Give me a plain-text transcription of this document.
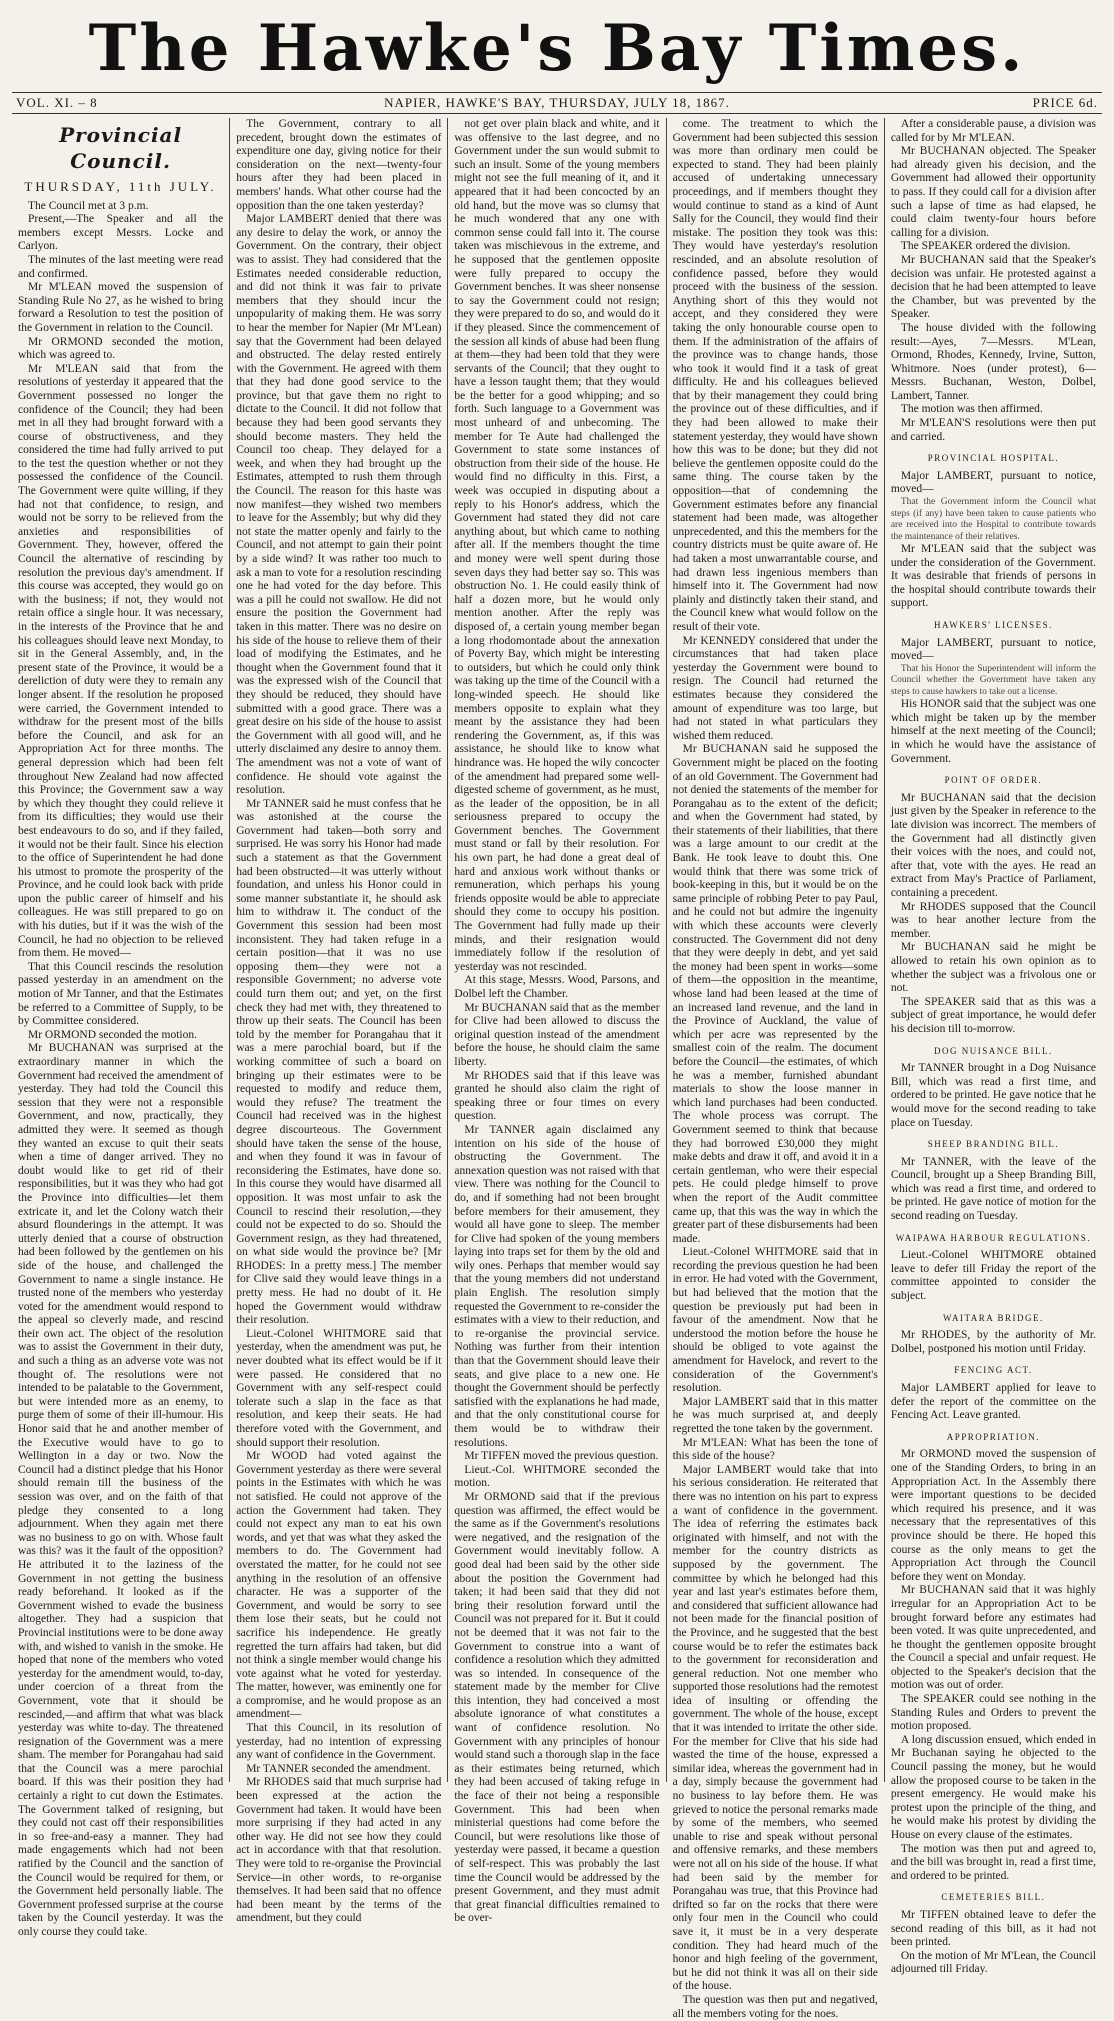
The Hawke's Bay Times.
VOL. XI. – 8	NAPIER, HAWKE'S BAY, THURSDAY, JULY 18, 1867.	PRICE 6d.
Provincial Council.
THURSDAY, 11th JULY.

The Council met at 3 p.m.

Present,—The Speaker and all the members except Messrs. Locke and Carlyon.

The minutes of the last meeting were read and confirmed.

Mr M'LEAN moved the suspension of Standing Rule No 27, as he wished to bring forward a Resolution to test the position of the Government in relation to the Council.

Mr ORMOND seconded the motion, which was agreed to.

Mr M'LEAN said that from the resolutions of yesterday it appeared that the Government possessed no longer the confidence of the Council; they had been met in all they had brought forward with a course of obstructiveness, and they considered the time had fully arrived to put to the test the question whether or not they possessed the confidence of the Council. The Government were quite willing, if they had not that confidence, to resign, and would not be sorry to be relieved from the anxieties and responsibilities of Government. They, however, offered the Council the alternative of rescinding by resolution the previous day's amendment. If this course was accepted, they would go on with the business; if not, they would not retain office a single hour. It was necessary, in the interests of the Province that he and his colleagues should leave next Monday, to sit in the General Assembly, and, in the present state of the Province, it would be a dereliction of duty were they to remain any longer absent. If the resolution he proposed were carried, the Government intended to withdraw for the present most of the bills before the Council, and ask for an Appropriation Act for three months. The general depression which had been felt throughout New Zealand had now affected this Province; the Government saw a way by which they thought they could relieve it from its difficulties; they would use their best endeavours to do so, and if they failed, it would not be their fault. Since his election to the office of Superintendent he had done his utmost to promote the prosperity of the Province, and he could look back with pride upon the public career of himself and his colleagues. He was still prepared to go on with his duties, but if it was the wish of the Council, he had no objection to be relieved from them. He moved—

That this Council rescinds the resolution passed yesterday in an amendment on the motion of Mr Tanner, and that the Estimates be referred to a Committee of Supply, to be by Committee considered.

Mr ORMOND seconded the motion.

Mr BUCHANAN was surprised at the extraordinary manner in which the Government had received the amendment of yesterday. They had told the Council this session that they were not a responsible Government, and now, practically, they admitted they were. It seemed as though they wanted an excuse to quit their seats when a time of danger arrived. They no doubt would like to get rid of their responsibilities, but it was they who had got the Province into difficulties—let them extricate it, and let the Colony watch their absurd flounderings in the attempt. It was utterly denied that a course of obstruction had been followed by the gentlemen on his side of the house, and challenged the Government to name a single instance. He trusted none of the members who yesterday voted for the amendment would respond to the appeal so cleverly made, and rescind their own act. The object of the resolution was to assist the Government in their duty, and such a thing as an adverse vote was not thought of. The resolutions were not intended to be palatable to the Government, but were intended more as an enemy, to purge them of some of their ill-humour. His Honor said that he and another member of the Executive would have to go to Wellington in a day or two. Now the Council had a distinct pledge that his Honor should remain till the business of the session was over, and on the faith of that pledge they consented to a long adjournment. When they again met there was no business to go on with. Whose fault was this? was it the fault of the opposition? He attributed it to the laziness of the Government in not getting the business ready beforehand. It looked as if the Government wished to evade the business altogether. They had a suspicion that Provincial institutions were to be done away with, and wished to vanish in the smoke. He hoped that none of the members who voted yesterday for the amendment would, to-day, under coercion of a threat from the Government, vote that it should be rescinded,—and affirm that what was black yesterday was white to-day. The threatened resignation of the Government was a mere sham. The member for Porangahau had said that the Council was a mere parochial board. If this was their position they had certainly a right to cut down the Estimates. The Government talked of resigning, but they could not cast off their responsibilities in so free-and-easy a manner. They had made engagements which had not been ratified by the Council and the sanction of the Council would be required for them, or the Government held personally liable. The Government professed surprise at the course taken by the Council yesterday. It was the only course they could take.

The Government, contrary to all precedent, brought down the estimates of expenditure one day, giving notice for their consideration on the next—twenty-four hours after they had been placed in members' hands. What other course had the opposition than the one taken yesterday?

Major LAMBERT denied that there was any desire to delay the work, or annoy the Government. On the contrary, their object was to assist. They had considered that the Estimates needed considerable reduction, and did not think it was fair to private members that they should incur the unpopularity of making them. He was sorry to hear the member for Napier (Mr M'Lean) say that the Government had been delayed and obstructed. The delay rested entirely with the Government. He agreed with them that they had done good service to the province, but that gave them no right to dictate to the Council. It did not follow that because they had been good servants they should become masters. They held the Council too cheap. They delayed for a week, and when they had brought up the Estimates, attempted to rush them through the Council. The reason for this haste was now manifest—they wished two members to leave for the Assembly; but why did they not state the matter openly and fairly to the Council, and not attempt to gain their point by a side wind? It was rather too much to ask a man to vote for a resolution rescinding one he had voted for the day before. This was a pill he could not swallow. He did not ensure the position the Government had taken in this matter. There was no desire on his side of the house to relieve them of their load of modifying the Estimates, and he thought when the Government found that it was the expressed wish of the Council that they should be reduced, they should have submitted with a good grace. There was a great desire on his side of the house to assist the Government with all good will, and he utterly disclaimed any desire to annoy them. The amendment was not a vote of want of confidence. He should vote against the resolution.

Mr TANNER said he must confess that he was astonished at the course the Government had taken—both sorry and surprised. He was sorry his Honor had made such a statement as that the Government had been obstructed—it was utterly without foundation, and unless his Honor could in some manner substantiate it, he should ask him to withdraw it. The conduct of the Government this session had been most inconsistent. They had taken refuge in a certain position—that it was no use opposing them—they were not a responsible Government; no adverse vote could turn them out; and yet, on the first check they had met with, they threatened to throw up their seats. The Council has been told by the member for Porangahau that it was a mere parochial board, but if the working committee of such a board on bringing up their estimates were to be requested to modify and reduce them, would they refuse? The treatment the Council had received was in the highest degree discourteous. The Government should have taken the sense of the house, and when they found it was in favour of reconsidering the Estimates, have done so. In this course they would have disarmed all opposition. It was most unfair to ask the Council to rescind their resolution,—they could not be expected to do so. Should the Government resign, as they had threatened, on what side would the province be? [Mr RHODES: In a pretty mess.] The member for Clive said they would leave things in a pretty mess. He had no doubt of it. He hoped the Government would withdraw their resolution.

Lieut.-Colonel WHITMORE said that yesterday, when the amendment was put, he never doubted what its effect would be if it were passed. He considered that no Government with any self-respect could tolerate such a slap in the face as that resolution, and keep their seats. He had therefore voted with the Government, and should support their resolution.

Mr WOOD had voted against the Government yesterday as there were several points in the Estimates with which he was not satisfied. He could not approve of the action the Government had taken. They could not expect any man to eat his own words, and yet that was what they asked the members to do. The Government had overstated the matter, for he could not see anything in the resolution of an offensive character. He was a supporter of the Government, and would be sorry to see them lose their seats, but he could not sacrifice his independence. He greatly regretted the turn affairs had taken, but did not think a single member would change his vote against what he voted for yesterday. The matter, however, was eminently one for a compromise, and he would propose as an amendment—

That this Council, in its resolution of yesterday, had no intention of expressing any want of confidence in the Government.

Mr TANNER seconded the amendment.

Mr RHODES said that much surprise had been expressed at the action the Government had taken. It would have been more surprising if they had acted in any other way. He did not see how they could act in accordance with that that resolution. They were told to re-organise the Provincial Service—in other words, to re-organise themselves. It had been said that no offence had been meant by the terms of the amendment, but they could

not get over plain black and white, and it was offensive to the last degree, and no Government under the sun would submit to such an insult. Some of the young members might not see the full meaning of it, and it appeared that it had been concocted by an old hand, but the move was so clumsy that he much wondered that any one with common sense could fall into it. The course taken was mischievous in the extreme, and he supposed that the gentlemen opposite were fully prepared to occupy the Government benches. It was sheer nonsense to say the Government could not resign; they were prepared to do so, and would do it if they pleased. Since the commencement of the session all kinds of abuse had been flung at them—they had been told that they were servants of the Council; that they ought to have a lesson taught them; that they would be the better for a good whipping; and so forth. Such language to a Government was most unheard of and unbecoming. The member for Te Aute had challenged the Government to state some instances of obstruction from their side of the house. He would find no difficulty in this. First, a week was occupied in disputing about a reply to his Honor's address, which the Government had stated they did not care anything about, but which came to nothing after all. If the members thought the time and money were well spent during those seven days they had better say so. This was obstruction No. 1. He could easily think of half a dozen more, but he would only mention another. After the reply was disposed of, a certain young member began a long rhodomontade about the annexation of Poverty Bay, which might be interesting to outsiders, but which he could only think was taking up the time of the Council with a long-winded speech. He should like members opposite to explain what they meant by the assistance they had been rendering the Government, as, if this was assistance, he should like to know what hindrance was. He hoped the wily concocter of the amendment had prepared some well-digested scheme of government, as he must, as the leader of the opposition, be in all seriousness prepared to occupy the Government benches. The Government must stand or fall by their resolution. For his own part, he had done a great deal of hard and anxious work without thanks or remuneration, which perhaps his young friends opposite would be able to appreciate should they come to occupy his position. The Government had fully made up their minds, and their resignation would immediately follow if the resolution of yesterday was not rescinded.

At this stage, Messrs. Wood, Parsons, and Dolbel left the Chamber.

Mr BUCHANAN said that as the member for Clive had been allowed to discuss the original question instead of the amendment before the house, he should claim the same liberty.

Mr RHODES said that if this leave was granted he should also claim the right of speaking three or four times on every question.

Mr TANNER again disclaimed any intention on his side of the house of obstructing the Government. The annexation question was not raised with that view. There was nothing for the Council to do, and if something had not been brought before members for their amusement, they would all have gone to sleep. The member for Clive had spoken of the young members laying into traps set for them by the old and wily ones. Perhaps that member would say that the young members did not understand plain English. The resolution simply requested the Government to re-consider the estimates with a view to their reduction, and to re-organise the provincial service. Nothing was further from their intention than that the Government should leave their seats, and give place to a new one. He thought the Government should be perfectly satisfied with the explanations he had made, and that the only constitutional course for them would be to withdraw their resolutions.

Mr TIFFEN moved the previous question.

Lieut.-Col. WHITMORE seconded the motion.

Mr ORMOND said that if the previous question was affirmed, the effect would be the same as if the Government's resolutions were negatived, and the resignation of the Government would inevitably follow. A good deal had been said by the other side about the position the Government had taken; it had been said that they did not bring their resolution forward until the Council was not prepared for it. But it could not be deemed that it was not fair to the Government to construe into a want of confidence a resolution which they admitted was so intended. In consequence of the statement made by the member for Clive this intention, they had conceived a most absolute ignorance of what constitutes a want of confidence resolution. No Government with any principles of honour would stand such a thorough slap in the face as their estimates being returned, which they had been accused of taking refuge in the face of their not being a responsible Government. This had been when ministerial questions had come before the Council, but were resolutions like those of yesterday were passed, it became a question of self-respect. This was probably the last time the Council would be addressed by the present Government, and they must admit that great financial difficulties remained to be over-

come. The treatment to which the Government had been subjected this session was more than ordinary men could be expected to stand. They had been plainly accused of undertaking unnecessary proceedings, and if members thought they would continue to stand as a kind of Aunt Sally for the Council, they would find their mistake. The position they took was this: They would have yesterday's resolution rescinded, and an absolute resolution of confidence passed, before they would proceed with the business of the session. Anything short of this they would not accept, and they considered they were taking the only honourable course open to them. If the administration of the affairs of the province was to change hands, those who took it would find it a task of great difficulty. He and his colleagues believed that by their management they could bring the province out of these difficulties, and if they had been allowed to make their statement yesterday, they would have shown how this was to be done; but they did not believe the gentlemen opposite could do the same thing. The course taken by the opposition—that of condemning the Government estimates before any financial statement had been made, was altogether unprecedented, and this the members for the country districts must be quite aware of. He had taken a most unwarrantable course, and had drawn less ingenious members than himself into it. The Government had now plainly and distinctly taken their stand, and the Council knew what would follow on the result of their vote.

Mr KENNEDY considered that under the circumstances that had taken place yesterday the Government were bound to resign. The Council had returned the estimates because they considered the amount of expenditure was too large, but had not stated in what particulars they wished them reduced.

Mr BUCHANAN said he supposed the Government might be placed on the footing of an old Government. The Government had not denied the statements of the member for Porangahau as to the extent of the deficit; and when the Government had stated, by their statements of their liabilities, that there was a large amount to our credit at the Bank. He took leave to doubt this. One would think that there was some trick of book-keeping in this, but it would be on the same principle of robbing Peter to pay Paul, and he could not but admire the ingenuity with which these accounts were cleverly constructed. The Government did not deny that they were deeply in debt, and yet said the money had been spent in works—some of them—the opposition in the meantime, whose land had been leased at the time of an increased land revenue, and the land in the Province of Auckland, the value of which per acre was represented by the smallest coin of the realm. The document before the Council—the estimates, of which he was a member, furnished abundant materials to show the loose manner in which land purchases had been conducted. The whole process was corrupt. The Government seemed to think that because they had borrowed £30,000 they might make debts and draw it off, and avoid it in a certain gentleman, who were their especial pets. He could pledge himself to prove when the report of the Audit committee came up, that this was the way in which the greater part of these disbursements had been made.

Lieut.-Colonel WHITMORE said that in recording the previous question he had been in error. He had voted with the Government, but had believed that the motion that the question be previously put had been in favour of the amendment. Now that he understood the motion before the house he should be obliged to vote against the amendment for Havelock, and revert to the consideration of the Government's resolution.

Major LAMBERT said that in this matter he was much surprised at, and deeply regretted the tone taken by the government.

Mr M'LEAN: What has been the tone of this side of the house?

Major LAMBERT would take that into his serious consideration. He reiterated that there was no intention on his part to express a want of confidence in the government. The idea of referring the estimates back originated with himself, and not with the member for the country districts as supposed by the government. The committee by which he belonged had this year and last year's estimates before them, and considered that sufficient allowance had not been made for the financial position of the Province, and he suggested that the best course would be to refer the estimates back to the government for reconsideration and general reduction. Not one member who supported those resolutions had the remotest idea of insulting or offending the government. The whole of the house, except that it was intended to irritate the other side. For the member for Clive that his side had wasted the time of the house, expressed a similar idea, whereas the government had in a day, simply because the government had no business to lay before them. He was grieved to notice the personal remarks made by some of the members, who seemed unable to rise and speak without personal and offensive remarks, and these members were not all on his side of the house. If what had been said by the member for Porangahau was true, that this Province had drifted so far on the rocks that there were only four men in the Council who could save it, it must be in a very desperate condition. They had heard much of the honor and high feeling of the government, but he did not think it was all on their side of the house.

The question was then put and negatived, all the members voting for the noes.

After a considerable pause, a division was called for by Mr M'LEAN.

Mr BUCHANAN objected. The Speaker had already given his decision, and the Government had allowed their opportunity to pass. If they could call for a division after such a lapse of time as had elapsed, he could claim twenty-four hours before calling for a division.

The SPEAKER ordered the division.

Mr BUCHANAN said that the Speaker's decision was unfair. He protested against a decision that he had been attempted to leave the Chamber, but was prevented by the Speaker.

The house divided with the following result:—Ayes, 7—Messrs. M'Lean, Ormond, Rhodes, Kennedy, Irvine, Sutton, Whitmore. Noes (under protest), 6—Messrs. Buchanan, Weston, Dolbel, Lambert, Tanner.

The motion was then affirmed.

Mr M'LEAN'S resolutions were then put and carried.

PROVINCIAL HOSPITAL.

Major LAMBERT, pursuant to notice, moved—

That the Government inform the Council what steps (if any) have been taken to cause patients who are received into the Hospital to contribute towards the maintenance of their relatives.

Mr M'LEAN said that the subject was under the consideration of the Government. It was desirable that friends of persons in the hospital should contribute towards their support.

HAWKERS' LICENSES.

Major LAMBERT, pursuant to notice, moved—

That his Honor the Superintendent will inform the Council whether the Government have taken any steps to cause hawkers to take out a license.

His HONOR said that the subject was one which might be taken up by the member himself at the next meeting of the Council; in which he would have the assistance of Government.

POINT OF ORDER.

Mr BUCHANAN said that the decision just given by the Speaker in reference to the late division was incorrect. The members of the Government had all distinctly given their voices with the noes, and could not, after that, vote with the ayes. He read an extract from May's Practice of Parliament, containing a precedent.

Mr RHODES supposed that the Council was to hear another lecture from the member.

Mr BUCHANAN said he might be allowed to retain his own opinion as to whether the subject was a frivolous one or not.

The SPEAKER said that as this was a subject of great importance, he would defer his decision till to-morrow.

DOG NUISANCE BILL.

Mr TANNER brought in a Dog Nuisance Bill, which was read a first time, and ordered to be printed. He gave notice that he would move for the second reading to take place on Tuesday.

SHEEP BRANDING BILL.

Mr TANNER, with the leave of the Council, brought up a Sheep Branding Bill, which was read a first time, and ordered to be printed. He gave notice of motion for the second reading on Tuesday.

WAIPAWA HARBOUR REGULATIONS.

Lieut.-Colonel WHITMORE obtained leave to defer till Friday the report of the committee appointed to consider the subject.

WAITARA BRIDGE.

Mr RHODES, by the authority of Mr. Dolbel, postponed his motion until Friday.

FENCING ACT.

Major LAMBERT applied for leave to defer the report of the committee on the Fencing Act. Leave granted.

APPROPRIATION.

Mr ORMOND moved the suspension of one of the Standing Orders, to bring in an Appropriation Act. In the Assembly there were important questions to be decided which required his presence, and it was necessary that the representatives of this province should be there. He hoped this course as the only means to get the Appropriation Act through the Council before they went on Monday.

Mr BUCHANAN said that it was highly irregular for an Appropriation Act to be brought forward before any estimates had been voted. It was quite unprecedented, and he thought the gentlemen opposite brought the Council a special and unfair request. He objected to the Speaker's decision that the motion was out of order.

The SPEAKER could see nothing in the Standing Rules and Orders to prevent the motion proposed.

A long discussion ensued, which ended in Mr Buchanan saying he objected to the Council passing the money, but he would allow the proposed course to be taken in the present emergency. He would make his protest upon the principle of the thing, and he would make his protest by dividing the House on every clause of the estimates.

The motion was then put and agreed to, and the bill was brought in, read a first time, and ordered to be printed.

CEMETERIES BILL.

Mr TIFFEN obtained leave to defer the second reading of this bill, as it had not been printed.

On the motion of Mr M'Lean, the Council adjourned till Friday.
